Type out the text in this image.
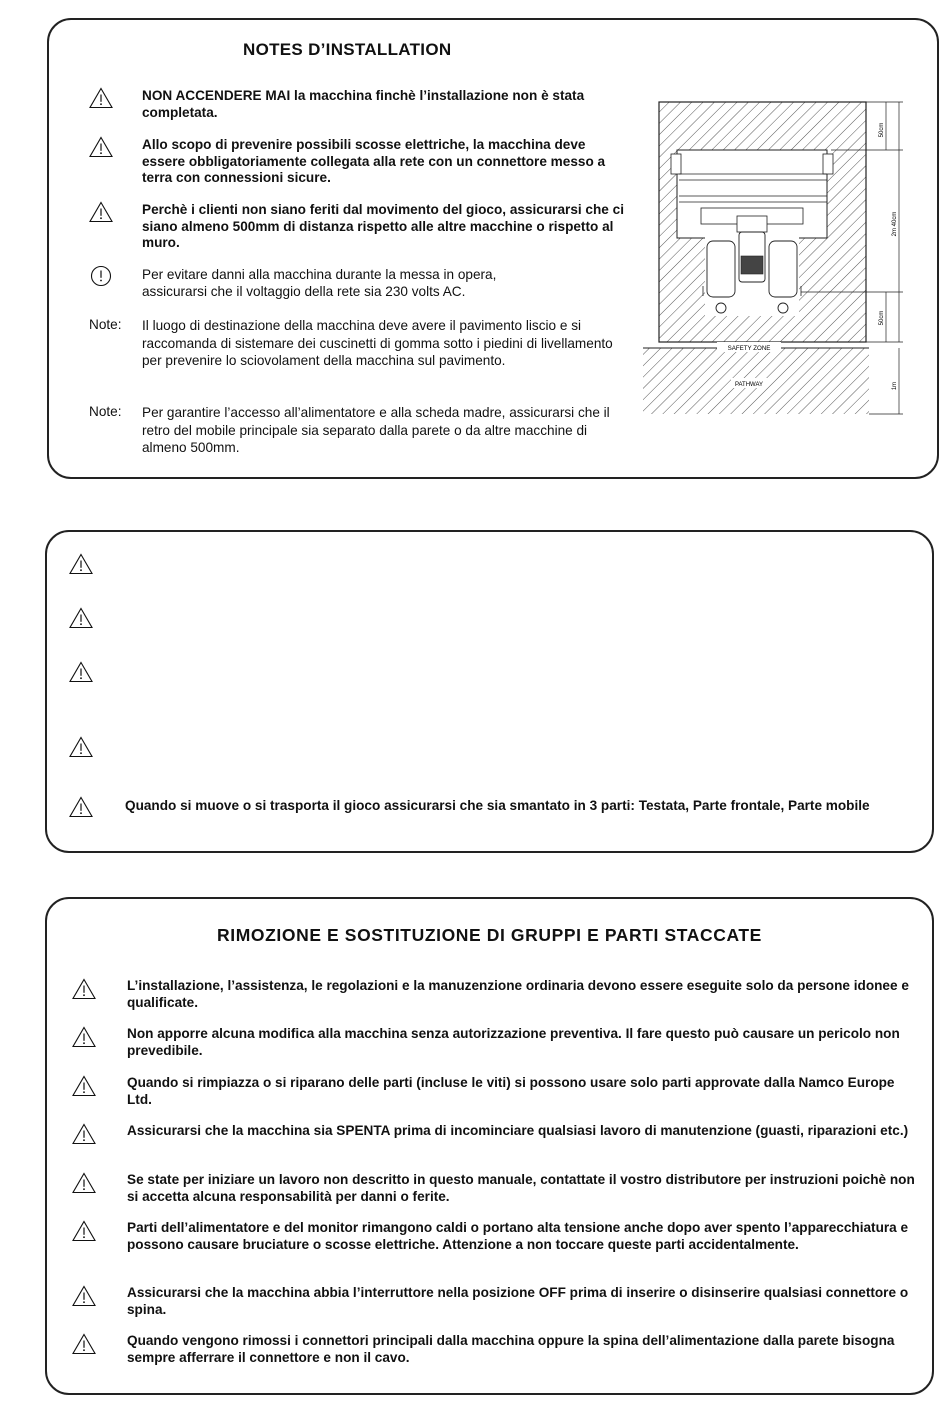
NOTES D’INSTALLATION
NON ACCENDERE MAI la macchina finchè l’installazione non è stata completata.
Allo scopo di prevenire possibili scosse elettriche, la macchina deve essere obbligatoriamente collegata alla rete con un connettore messo a terra con connessioni sicure.
Perchè i clienti non siano feriti dal movimento del gioco, assicurarsi che ci siano almeno 500mm di distanza rispetto alle altre macchine o rispetto al muro.
Per evitare danni alla macchina durante la messa in opera, assicurarsi che il voltaggio della rete sia 230 volts AC.
Note: Il luogo di destinazione della macchina deve avere il pavimento liscio e si raccomanda di sistemare dei cuscinetti di gomma sotto i piedini di livellamento per prevenire lo sciovolament della macchina sul pavimento.
Note: Per garantire l’accesso all’alimentatore e alla scheda madre, assicurarsi che il retro del mobile principale sia separato dalla parete o da altre macchine di almeno 500mm.
SAFETY ZONE
PATHWAY
50cm
2m 40cm
50cm
1m
Quando si muove o si trasporta il gioco assicurarsi che sia smantato in 3 parti: Testata, Parte frontale, Parte mobile
RIMOZIONE E SOSTITUZIONE DI GRUPPI E PARTI STACCATE
L’installazione, l’assistenza, le regolazioni e la manuzenzione ordinaria devono essere eseguite solo da persone idonee e qualificate.
Non apporre alcuna modifica alla macchina senza autorizzazione preventiva. Il fare questo può causare un pericolo non prevedibile.
Quando si rimpiazza o si riparano delle parti (incluse le viti) si possono usare solo parti approvate dalla Namco Europe Ltd.
Assicurarsi che la macchina sia SPENTA prima di incominciare qualsiasi lavoro di manutenzione (guasti, riparazioni etc.)
Se state per iniziare un lavoro non descritto in questo manuale, contattate il vostro distributore per instruzioni poichè non si accetta alcuna responsabilità per danni o ferite.
Parti dell’alimentatore e del monitor rimangono caldi o portano alta tensione anche dopo aver spento l’apparecchiatura e possono causare bruciature o scosse elettriche. Attenzione a non toccare queste parti accidentalmente.
Assicurarsi che la macchina abbia l’interruttore nella posizione OFF prima di inserire o disinserire qualsiasi connettore o spina.
Quando vengono rimossi i connettori principali dalla macchina oppure la spina dell’alimentazione dalla parete bisogna sempre afferrare il connettore e non il cavo.
